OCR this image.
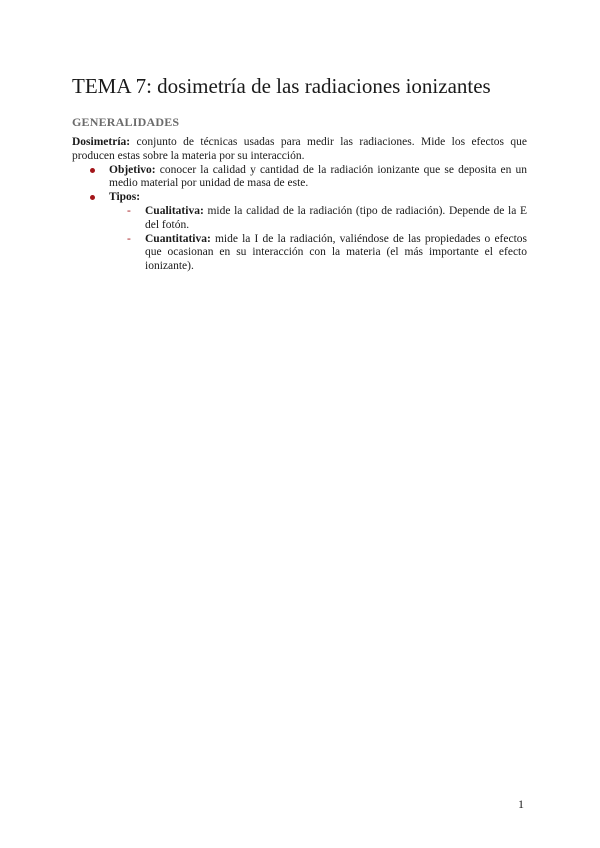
TEMA 7: dosimetría de las radiaciones ionizantes
GENERALIDADES

Dosimetría: conjunto de técnicas usadas para medir las radiaciones. Mide los efectos que producen estas sobre la materia por su interacción.

Objetivo: conocer la calidad y cantidad de la radiación ionizante que se deposita en un medio material por unidad de masa de este.
Tipos:
- Cualitativa: mide la calidad de la radiación (tipo de radiación). Depende de la E del fotón.
- Cuantitativa: mide la I de la radiación, valiéndose de las propiedades o efectos que ocasionan en su interacción con la materia (el más importante el efecto ionizante).
1
